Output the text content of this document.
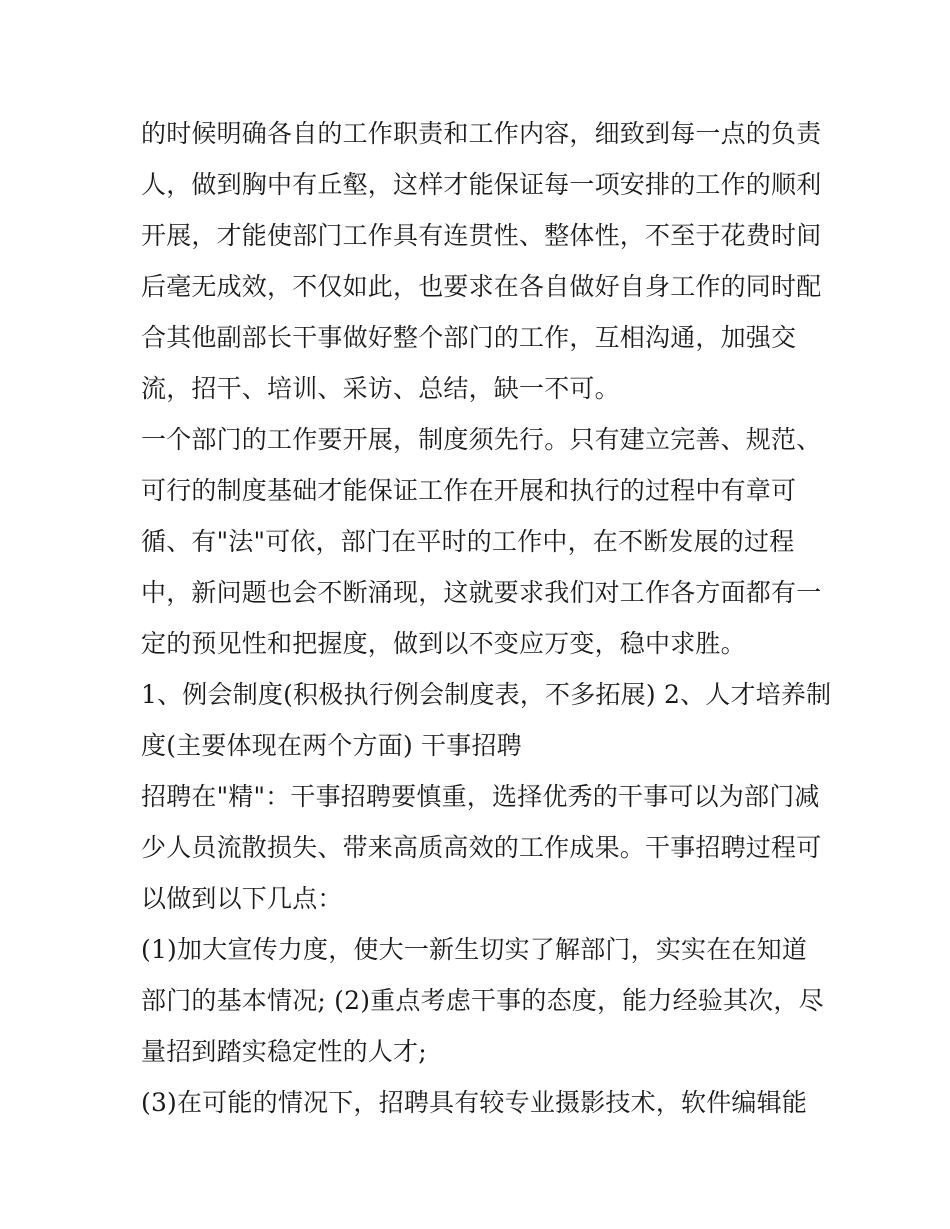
的时候明确各自的工作职责和工作内容，细致到每一点的负责
人，做到胸中有丘壑，这样才能保证每一项安排的工作的顺利
开展，才能使部门工作具有连贯性、整体性，不至于花费时间
后毫无成效，不仅如此，也要求在各自做好自身工作的同时配
合其他副部长干事做好整个部门的工作，互相沟通，加强交
流，招干、培训、采访、总结，缺一不可。
一个部门的工作要开展，制度须先行。只有建立完善、规范、
可行的制度基础才能保证工作在开展和执行的过程中有章可
循、有"法"可依，部门在平时的工作中，在不断发展的过程
中，新问题也会不断涌现，这就要求我们对工作各方面都有一
定的预见性和把握度，做到以不变应万变，稳中求胜。
1、例会制度(积极执行例会制度表，不多拓展) 2、人才培养制
度(主要体现在两个方面) 干事招聘
招聘在"精"：干事招聘要慎重，选择优秀的干事可以为部门减
少人员流散损失、带来高质高效的工作成果。干事招聘过程可
以做到以下几点：
(1)加大宣传力度，使大一新生切实了解部门，实实在在知道
部门的基本情况; (2)重点考虑干事的态度，能力经验其次，尽
量招到踏实稳定性的人才;
(3)在可能的情况下，招聘具有较专业摄影技术，软件编辑能
